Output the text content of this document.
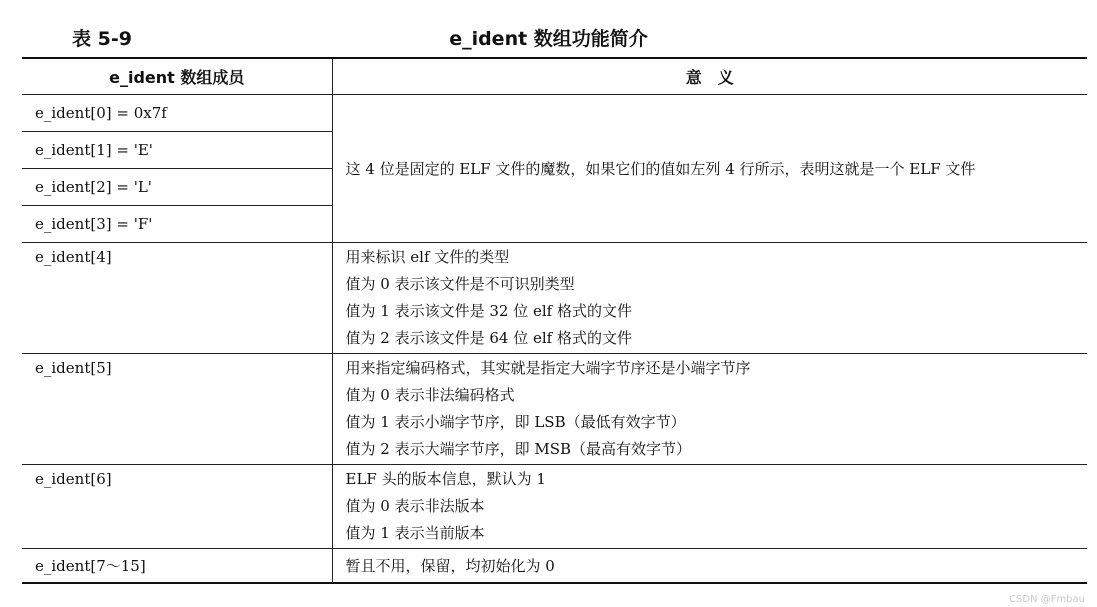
表 5-9	e_ident 数组功能简介
e_ident 数组成员	意　义
e_ident[0] = 0x7f	这 4 位是固定的 ELF 文件的魔数，如果它们的值如左列 4 行所示，表明这就是一个 ELF 文件
e_ident[1] = 'E'	
e_ident[2] = 'L'	
e_ident[3] = 'F'	
e_ident[4]	用来标识 elf 文件的类型
值为 0 表示该文件是不可识别类型
值为 1 表示该文件是 32 位 elf 格式的文件
值为 2 表示该文件是 64 位 elf 格式的文件

e_ident[5]	用来指定编码格式，其实就是指定大端字节序还是小端字节序
值为 0 表示非法编码格式
值为 1 表示小端字节序，即 LSB（最低有效字节）
值为 2 表示大端字节序，即 MSB（最高有效字节）

e_ident[6]	ELF 头的版本信息，默认为 1
值为 0 表示非法版本
值为 1 表示当前版本

e_ident[7～15]	暂且不用，保留，均初始化为 0
CSDN @Fmbau
